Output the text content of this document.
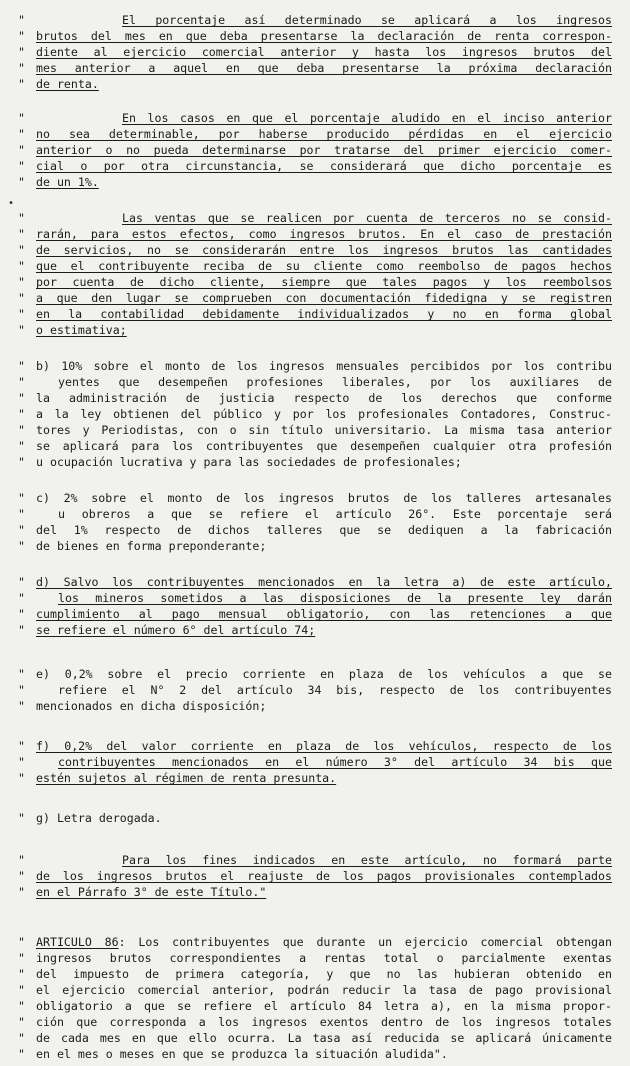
•
"	El porcentaje así determinado se aplicará a los ingresos
" brutos del mes en que deba presentarse la declaración de renta correspon-
" diente al ejercicio comercial anterior y hasta los ingresos brutos del
" mes anterior a aquel en que deba presentarse la próxima declaración
" de renta.
"	En los casos en que el porcentaje aludido en el inciso anterior
" no sea determinable, por haberse producido pérdidas en el ejercicio
" anterior o no pueda determinarse por tratarse del primer ejercicio comer-
" cial o por otra circunstancia, se considerará que dicho porcentaje es
" de un 1%.
"	Las ventas que se realicen por cuenta de terceros no se consid-
" rarán, para estos efectos, como ingresos brutos. En el caso de prestación
" de servicios, no se considerarán entre los ingresos brutos las cantidades
" que el contribuyente reciba de su cliente como reembolso de pagos hechos
" por cuenta de dicho cliente, siempre que tales pagos y los reembolsos
" a que den lugar se comprueben con documentación fidedigna y se registren
" en la contabilidad debidamente individualizados y no en forma global
" o estimativa;
" b) 10% sobre el monto de los ingresos mensuales percibidos por los contribu
"	yentes que desempeñen profesiones liberales, por los auxiliares de
" la administración de justicia respecto de los derechos que conforme
" a la ley obtienen del público y por los profesionales Contadores, Construc-
" tores y Periodistas, con o sin título universitario. La misma tasa anterior
" se aplicará para los contribuyentes que desempeñen cualquier otra profesión
" u ocupación lucrativa y para las sociedades de profesionales;
" c) 2% sobre el monto de los ingresos brutos de los talleres artesanales
"	u obreros a que se refiere el artículo 26°. Este porcentaje será
" del 1% respecto de dichos talleres que se dediquen a la fabricación
" de bienes en forma preponderante;
" d) Salvo los contribuyentes mencionados en la letra a) de este artículo,
"	los mineros sometidos a las disposiciones de la presente ley darán
" cumplimiento al pago mensual obligatorio, con las retenciones a que
" se refiere el número 6° del artículo 74;
" e) 0,2% sobre el precio corriente en plaza de los vehículos a que se
"	refiere el N° 2 del artículo 34 bis, respecto de los contribuyentes
" mencionados en dicha disposición;
" f) 0,2% del valor corriente en plaza de los vehículos, respecto de los
"	contribuyentes mencionados en el número 3° del artículo 34 bis que
" estén sujetos al régimen de renta presunta.
" g) Letra derogada.
"	Para los fines indicados en este artículo, no formará parte
" de los ingresos brutos el reajuste de los pagos provisionales contemplados
" en el Párrafo 3° de este Título."
" ARTICULO 86: Los contribuyentes que durante un ejercicio comercial obtengan
" ingresos brutos correspondientes a rentas total o parcialmente exentas
" del impuesto de primera categoría, y que no las hubieran obtenido en
" el ejercicio comercial anterior, podrán reducir la tasa de pago provisional
" obligatorio a que se refiere el artículo 84 letra a), en la misma propor-
" ción que corresponda a los ingresos exentos dentro de los ingresos totales
" de cada mes en que ello ocurra. La tasa así reducida se aplicará únicamente
" en el mes o meses en que se produzca la situación aludida".
